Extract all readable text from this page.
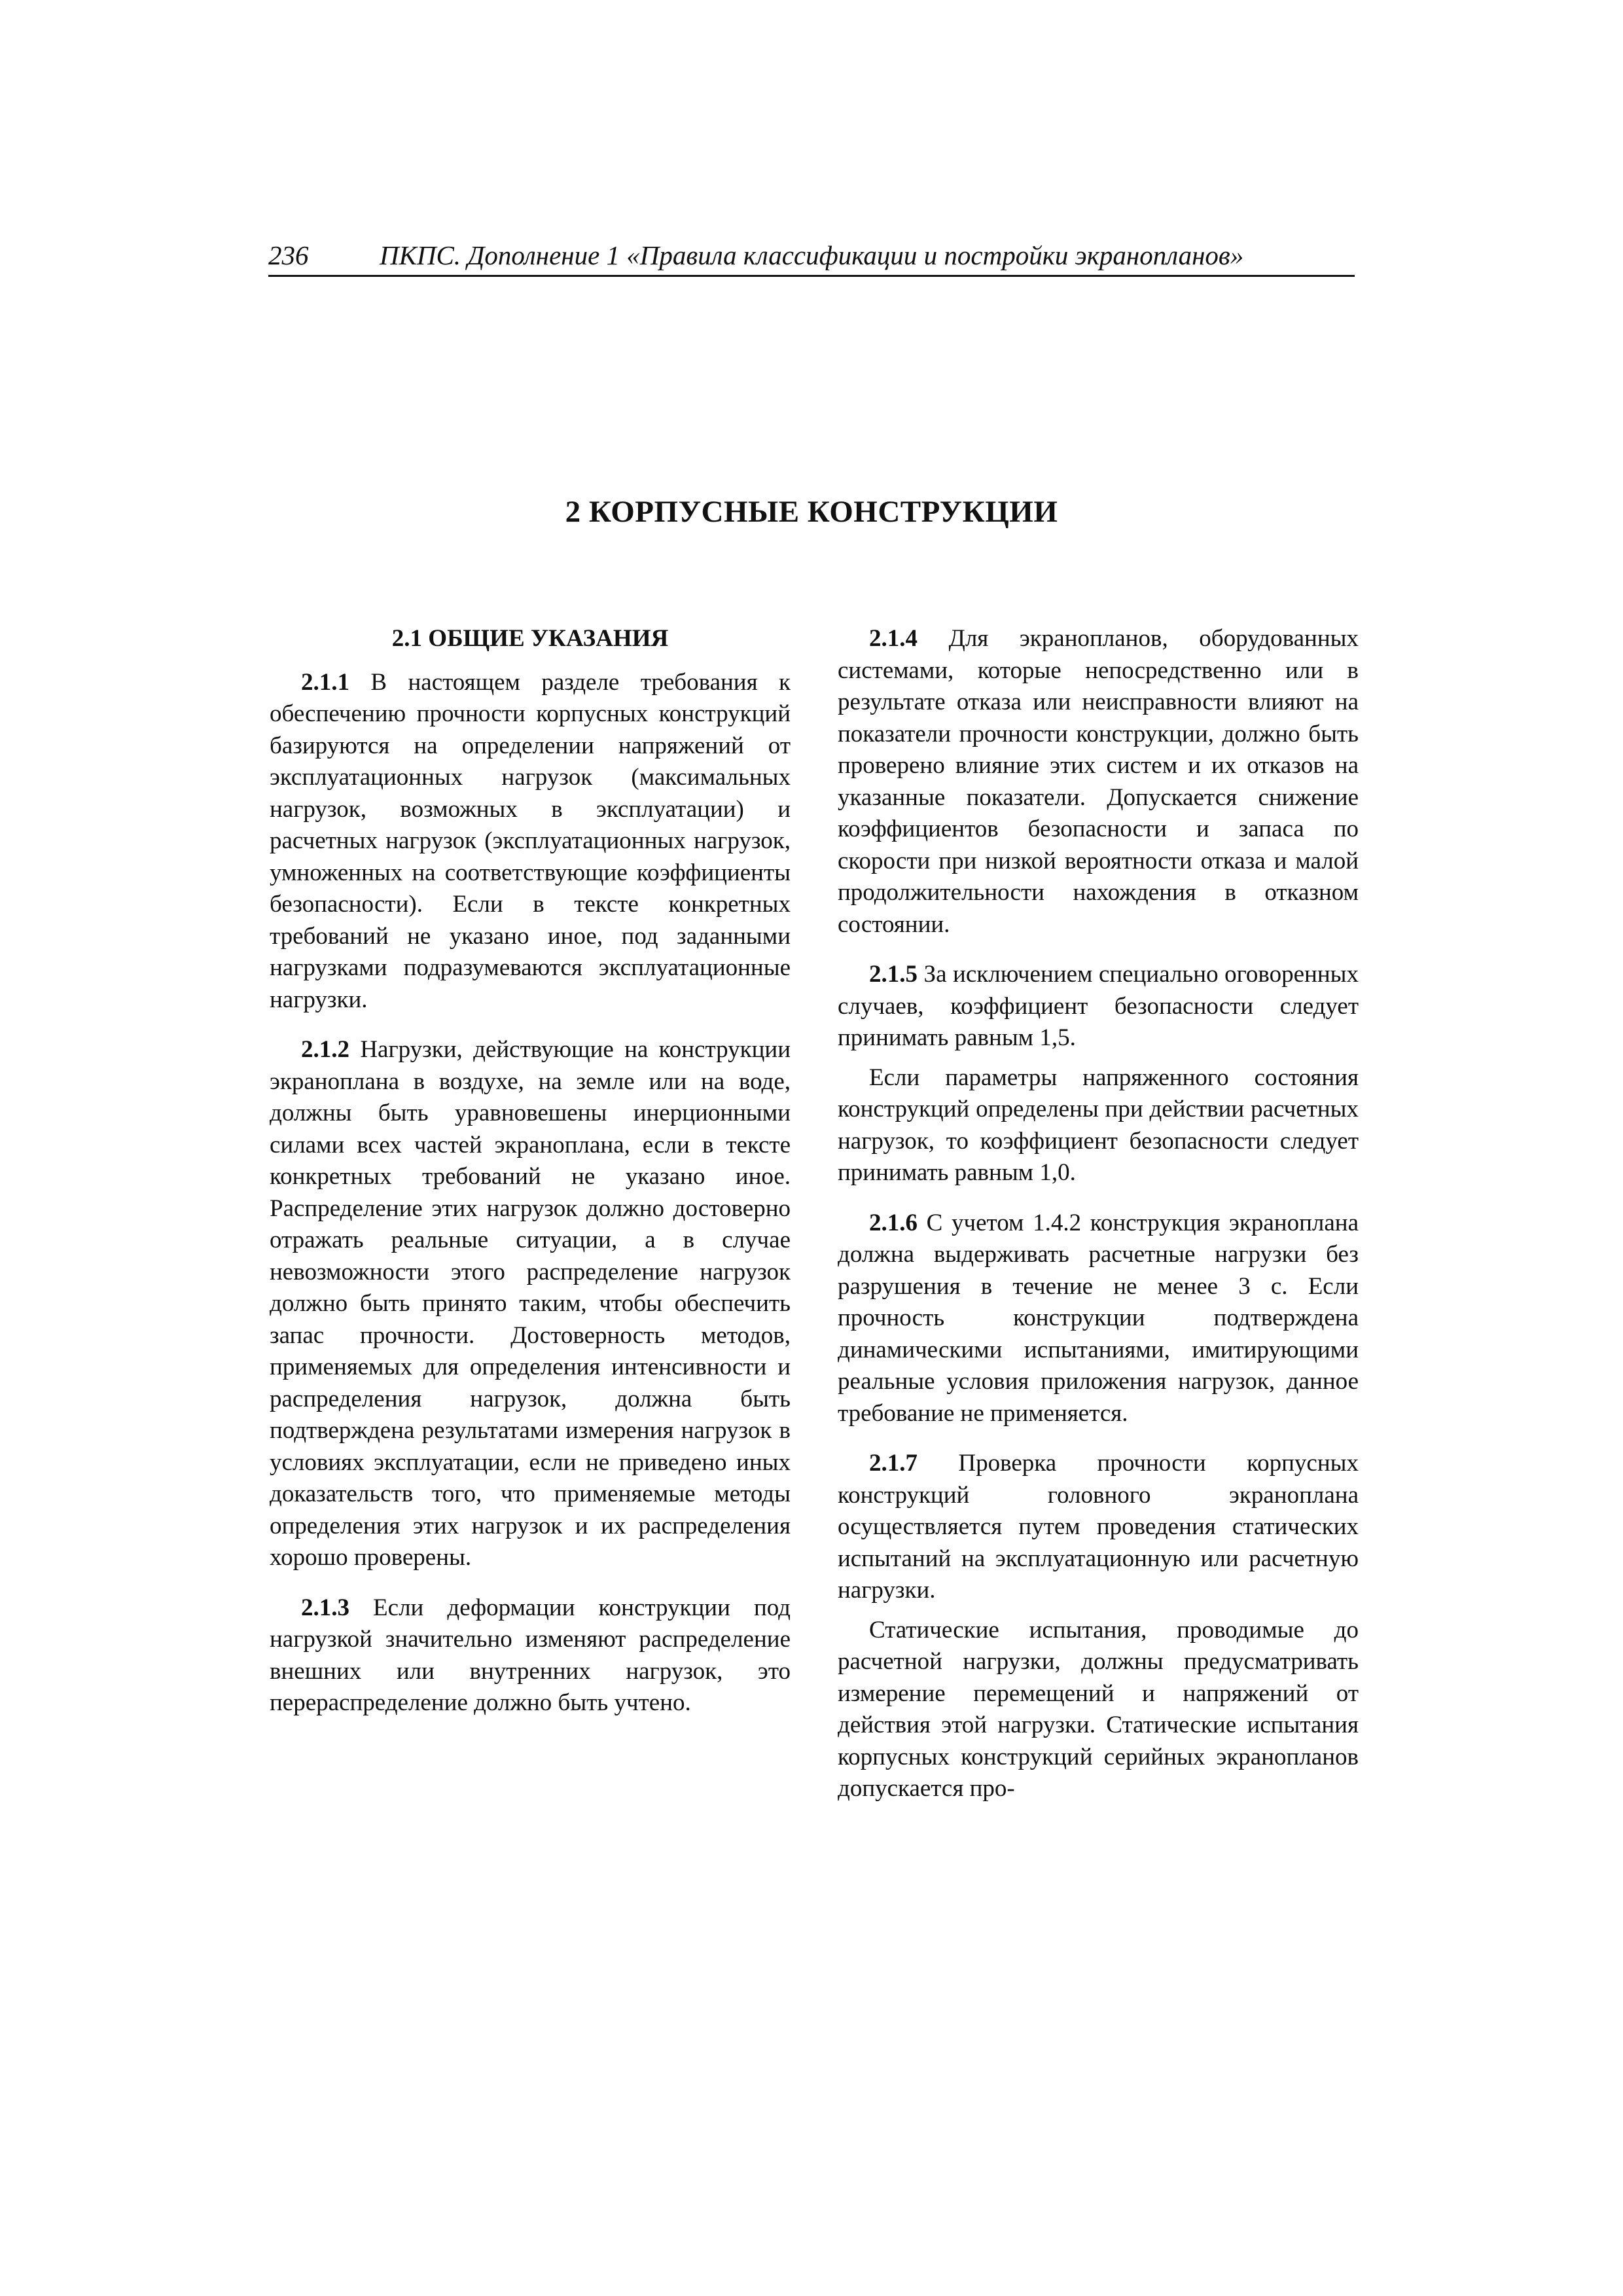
236	ПКПС. Дополнение 1 «Правила классификации и постройки экранопланов»
2 КОРПУСНЫЕ КОНСТРУКЦИИ
2.1 ОБЩИЕ УКАЗАНИЯ

2.1.1 В настоящем разделе требования к обеспечению прочности корпусных конструкций базируются на определении напряжений от эксплуатационных нагрузок (максимальных нагрузок, возможных в эксплуатации) и расчетных нагрузок (эксплуатационных нагрузок, умноженных на соответствующие коэффициенты безопасности). Если в тексте конкретных требований не указано иное, под заданными нагрузками подразумеваются эксплуатационные нагрузки.

2.1.2 Нагрузки, действующие на конструкции экраноплана в воздухе, на земле или на воде, должны быть уравновешены инерционными силами всех частей экраноплана, если в тексте конкретных требований не указано иное. Распределение этих нагрузок должно достоверно отражать реальные ситуации, а в случае невозможности этого распределение нагрузок должно быть принято таким, чтобы обеспечить запас прочности. Достоверность методов, применяемых для определения интенсивности и распределения нагрузок, должна быть подтверждена результатами измерения нагрузок в условиях эксплуатации, если не приведено иных доказательств того, что применяемые методы определения этих нагрузок и их распределения хорошо проверены.

2.1.3 Если деформации конструкции под нагрузкой значительно изменяют распределение внешних или внутренних нагрузок, это перераспределение должно быть учтено.

2.1.4 Для экранопланов, оборудованных системами, которые непосредственно или в результате отказа или неисправности влияют на показатели прочности конструкции, должно быть проверено влияние этих систем и их отказов на указанные показатели. Допускается снижение коэффициентов безопасности и запаса по скорости при низкой вероятности отказа и малой продолжительности нахождения в отказном состоянии.

2.1.5 За исключением специально оговоренных случаев, коэффициент безопасности следует принимать равным 1,5.

Если параметры напряженного состояния конструкций определены при действии расчетных нагрузок, то коэффициент безопасности следует принимать равным 1,0.

2.1.6 С учетом 1.4.2 конструкция экраноплана должна выдерживать расчетные нагрузки без разрушения в течение не менее 3 с. Если прочность конструкции подтверждена динамическими испытаниями, имитирующими реальные условия приложения нагрузок, данное требование не применяется.

2.1.7 Проверка прочности корпусных конструкций головного экраноплана осуществляется путем проведения статических испытаний на эксплуатационную или расчетную нагрузки.

Статические испытания, проводимые до расчетной нагрузки, должны предусматривать измерение перемещений и напряжений от действия этой нагрузки. Статические испытания корпусных конструкций серийных экранопланов допускается про-
